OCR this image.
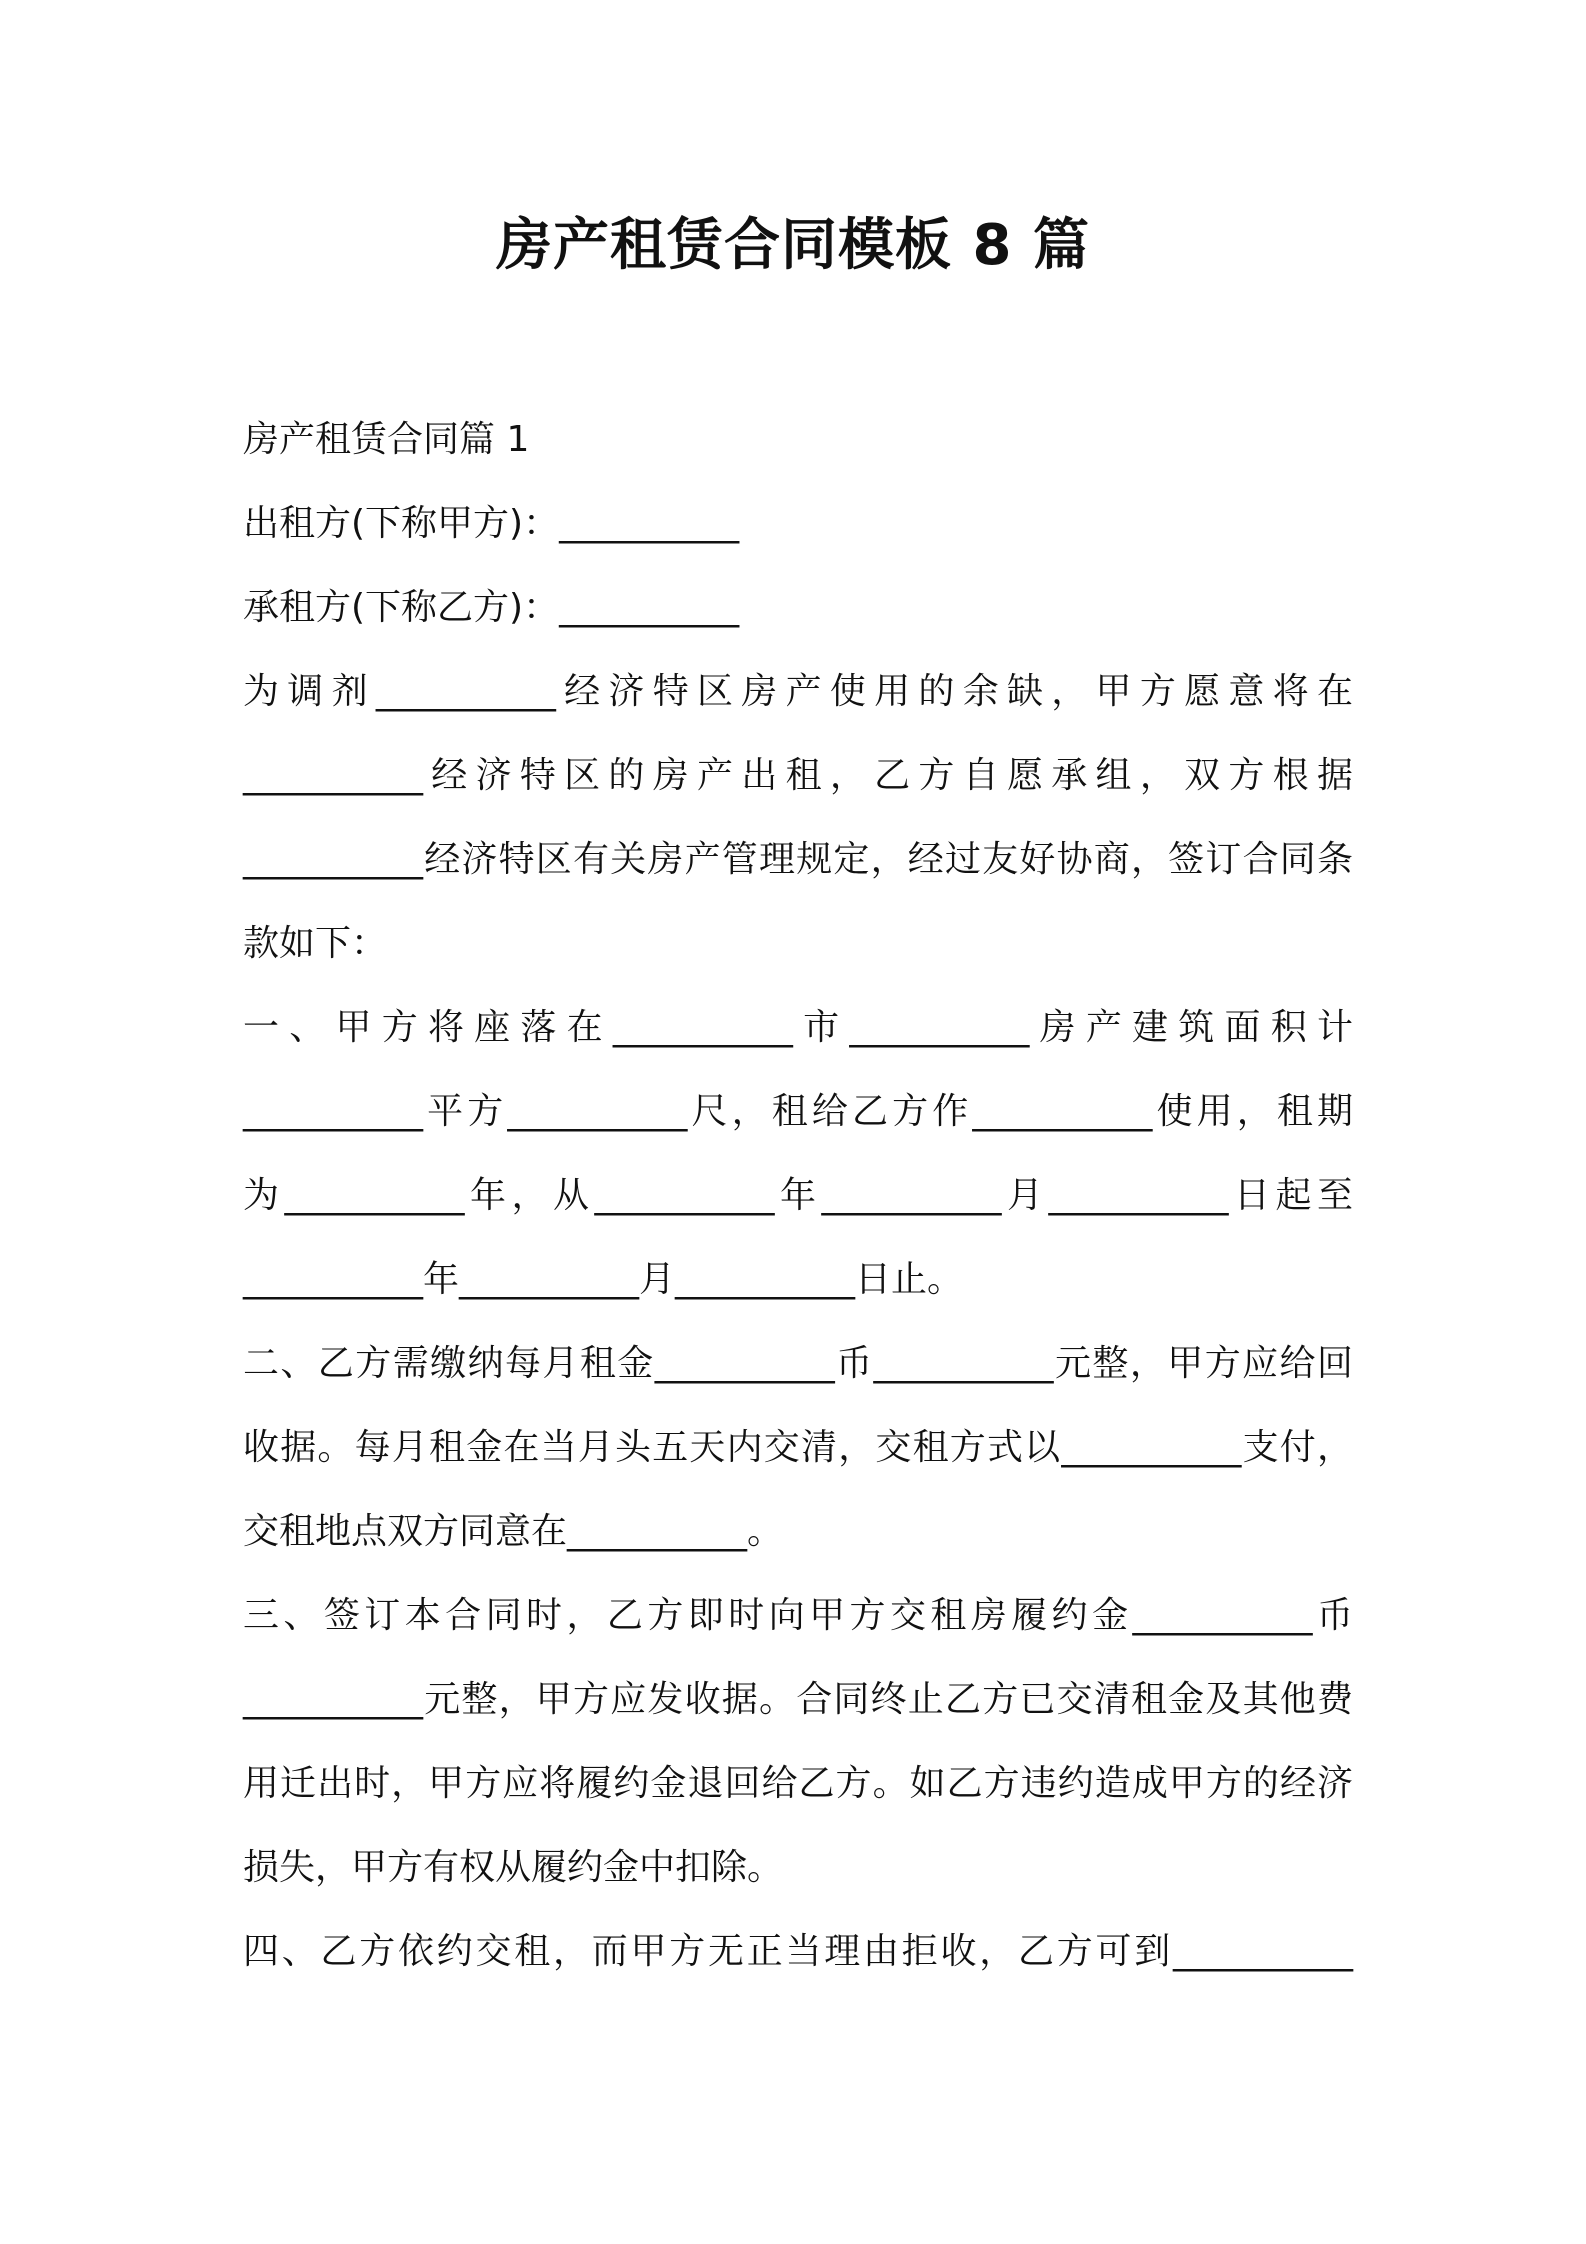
房产租赁合同模板 8 篇
房产租赁合同篇 1
出租方(下称甲方)：__________
承租方(下称乙方)：__________
为调剂__________经济特区房产使用的余缺，甲方愿意将在
__________经济特区的房产出租，乙方自愿承组，双方根据
__________经济特区有关房产管理规定，经过友好协商，签订合同条
款如下：
一、甲方将座落在__________市__________房产建筑面积计
__________平方__________尺，租给乙方作__________使用，租期
为__________年，从__________年__________月__________日起至
__________年__________月__________日止。
二、乙方需缴纳每月租金__________币__________元整，甲方应给回
收据。每月租金在当月头五天内交清，交租方式以__________支付，
交租地点双方同意在__________。
三、签订本合同时，乙方即时向甲方交租房履约金__________币
__________元整，甲方应发收据。合同终止乙方已交清租金及其他费
用迁出时，甲方应将履约金退回给乙方。如乙方违约造成甲方的经济
损失，甲方有权从履约金中扣除。
四、乙方依约交租，而甲方无正当理由拒收，乙方可到__________
